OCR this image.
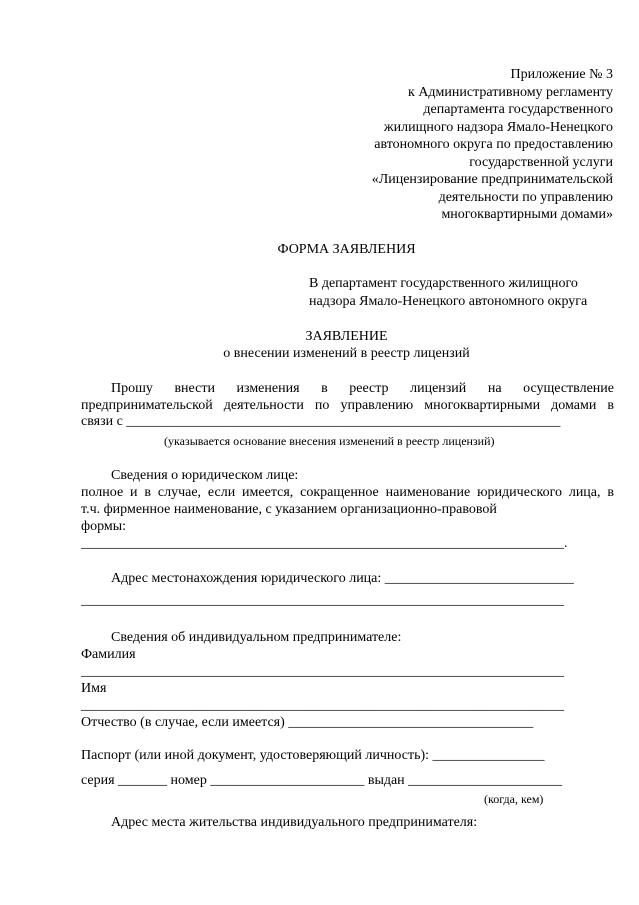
Приложение № 3
к Административному регламенту
департамента государственного
жилищного надзора Ямало-Ненецкого
автономного округа по предоставлению
государственной услуги
«Лицензирование предпринимательской
деятельности по управлению
многоквартирными домами»
ФОРМА ЗАЯВЛЕНИЯ
В департамент государственного жилищного
надзора Ямало-Ненецкого автономного округа
ЗАЯВЛЕНИЕ
о внесении изменений в реестр лицензий
Прошу внести изменения в реестр лицензий на осуществление
предпринимательской деятельности по управлению многоквартирными домами в
связи с ______________________________________________________________
(указывается основание внесения изменений в реестр лицензий)
Сведения о юридическом лице:
полное и в случае, если имеется, сокращенное наименование юридического лица, в
т.ч. фирменное наименование, с указанием организационно-правовой
формы:
_____________________________________________________________________.
Адрес местонахождения юридического лица: ___________________________
_____________________________________________________________________
Сведения об индивидуальном предпринимателе:
Фамилия
_____________________________________________________________________
Имя
_____________________________________________________________________
Отчество (в случае, если имеется) ___________________________________
Паспорт (или иной документ, удостоверяющий личность): ________________
серия _______ номер ______________________ выдан ______________________
(когда, кем)
Адрес места жительства индивидуального предпринимателя:
